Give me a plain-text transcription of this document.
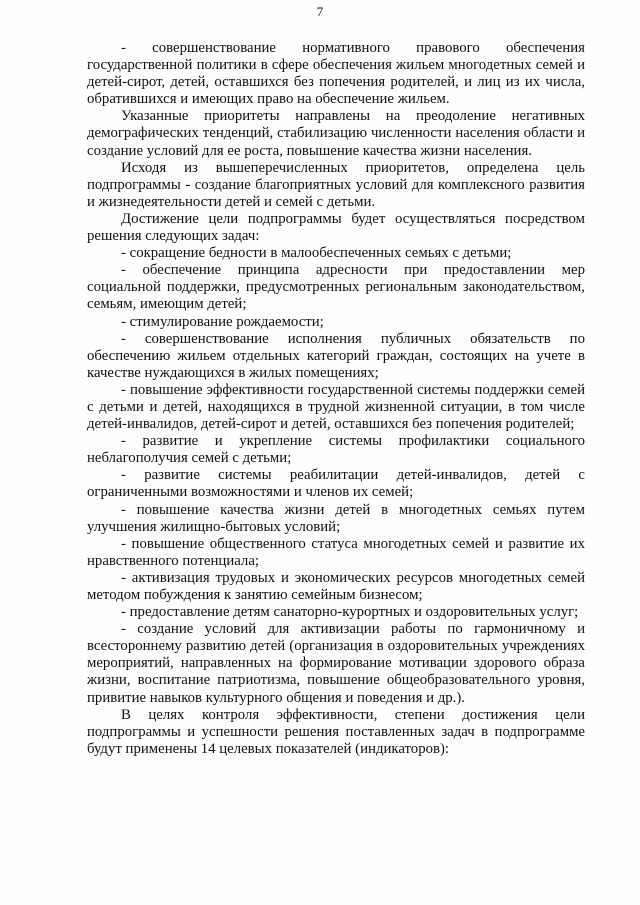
7

- совершенствование нормативного правового обеспечения государственной политики в сфере обеспечения жильем многодетных семей и детей-сирот, детей, оставшихся без попечения родителей, и лиц из их числа, обратившихся и имеющих право на обеспечение жильем.

Указанные приоритеты направлены на преодоление негативных демографических тенденций, стабилизацию численности населения области и создание условий для ее роста, повышение качества жизни населения.

Исходя из вышеперечисленных приоритетов, определена цель подпрограммы - создание благоприятных условий для комплексного развития и жизнедеятельности детей и семей с детьми.

Достижение цели подпрограммы будет осуществляться посредством решения следующих задач:

- сокращение бедности в малообеспеченных семьях с детьми;

- обеспечение принципа адресности при предоставлении мер социальной поддержки, предусмотренных региональным законодательством, семьям, имеющим детей;

- стимулирование рождаемости;

- совершенствование исполнения публичных обязательств по обеспечению жильем отдельных категорий граждан, состоящих на учете в качестве нуждающихся в жилых помещениях;

- повышение эффективности государственной системы поддержки семей с детьми и детей, находящихся в трудной жизненной ситуации, в том числе детей-инвалидов, детей-сирот и детей, оставшихся без попечения родителей;

- развитие и укрепление системы профилактики социального неблагополучия семей с детьми;

- развитие системы реабилитации детей-инвалидов, детей с ограниченными возможностями и членов их семей;

- повышение качества жизни детей в многодетных семьях путем улучшения жилищно-бытовых условий;

- повышение общественного статуса многодетных семей и развитие их нравственного потенциала;

- активизация трудовых и экономических ресурсов многодетных семей методом побуждения к занятию семейным бизнесом;

- предоставление детям санаторно-курортных и оздоровительных услуг;

- создание условий для активизации работы по гармоничному и всестороннему развитию детей (организация в оздоровительных учреждениях мероприятий, направленных на формирование мотивации здорового образа жизни, воспитание патриотизма, повышение общеобразовательного уровня, привитие навыков культурного общения и поведения и др.).

В целях контроля эффективности, степени достижения цели подпрограммы и успешности решения поставленных задач в подпрограмме будут применены 14 целевых показателей (индикаторов):
